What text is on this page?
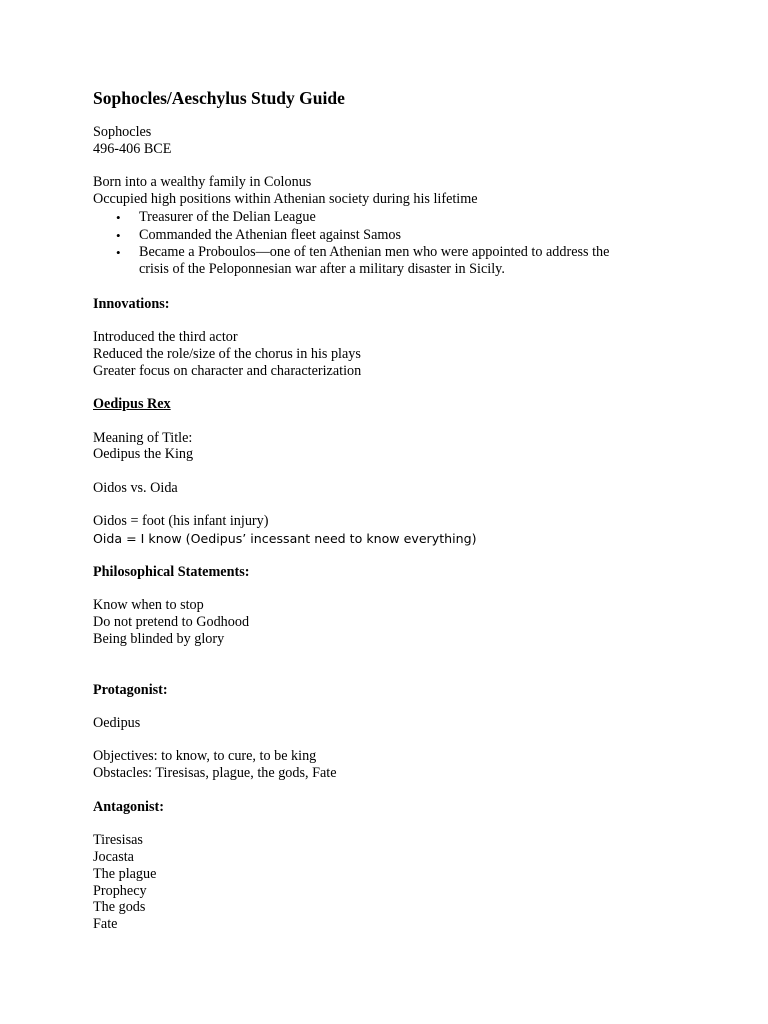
Sophocles/Aeschylus Study Guide
Sophocles
496-406 BCE
Born into a wealthy family in Colonus
Occupied high positions within Athenian society during his lifetime
• Treasurer of the Delian League
• Commanded the Athenian fleet against Samos
• Became a Proboulos—one of ten Athenian men who were appointed to address the
crisis of the Peloponnesian war after a military disaster in Sicily.
Innovations:
Introduced the third actor
Reduced the role/size of the chorus in his plays
Greater focus on character and characterization
Oedipus Rex
Meaning of Title:
Oedipus the King
Oidos vs. Oida
Oidos = foot (his infant injury)
Oida = I know (Oedipus’ incessant need to know everything)
Philosophical Statements:
Know when to stop
Do not pretend to Godhood
Being blinded by glory
Protagonist:
Oedipus
Objectives: to know, to cure, to be king
Obstacles: Tiresisas, plague, the gods, Fate
Antagonist:
Tiresisas
Jocasta
The plague
Prophecy
The gods
Fate
